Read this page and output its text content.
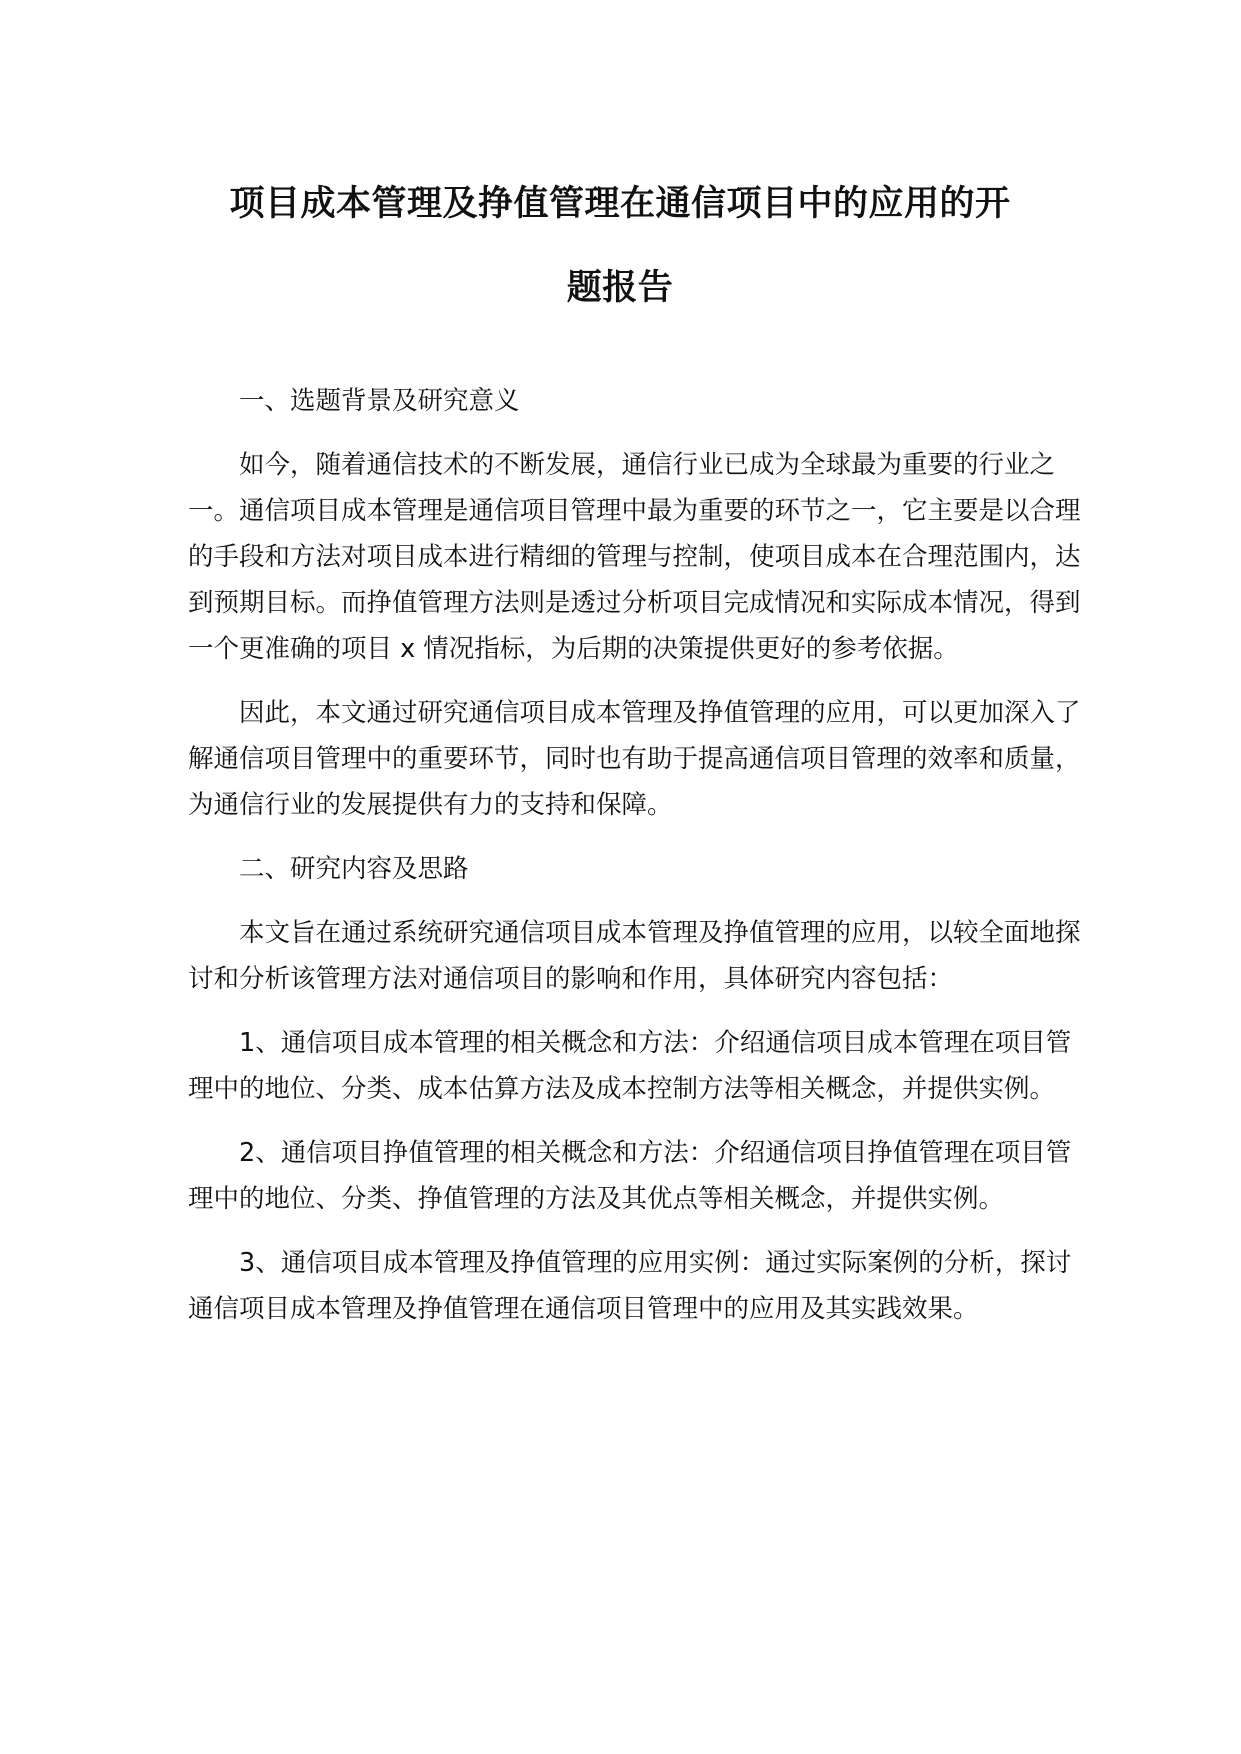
项目成本管理及挣值管理在通信项目中的应用的开
题报告

一、选题背景及研究意义

如今，随着通信技术的不断发展，通信行业已成为全球最为重要的行业之一。通信项目成本管理是通信项目管理中最为重要的环节之一，它主要是以合理的手段和方法对项目成本进行精细的管理与控制，使项目成本在合理范围内，达到预期目标。而挣值管理方法则是透过分析项目完成情况和实际成本情况，得到一个更准确的项目 x 情况指标，为后期的决策提供更好的参考依据。

因此，本文通过研究通信项目成本管理及挣值管理的应用，可以更加深入了解通信项目管理中的重要环节，同时也有助于提高通信项目管理的效率和质量，为通信行业的发展提供有力的支持和保障。

二、研究内容及思路

本文旨在通过系统研究通信项目成本管理及挣值管理的应用，以较全面地探讨和分析该管理方法对通信项目的影响和作用，具体研究内容包括：

1、通信项目成本管理的相关概念和方法：介绍通信项目成本管理在项目管理中的地位、分类、成本估算方法及成本控制方法等相关概念，并提供实例。

2、通信项目挣值管理的相关概念和方法：介绍通信项目挣值管理在项目管理中的地位、分类、挣值管理的方法及其优点等相关概念，并提供实例。

3、通信项目成本管理及挣值管理的应用实例：通过实际案例的分析，探讨通信项目成本管理及挣值管理在通信项目管理中的应用及其实践效果。
